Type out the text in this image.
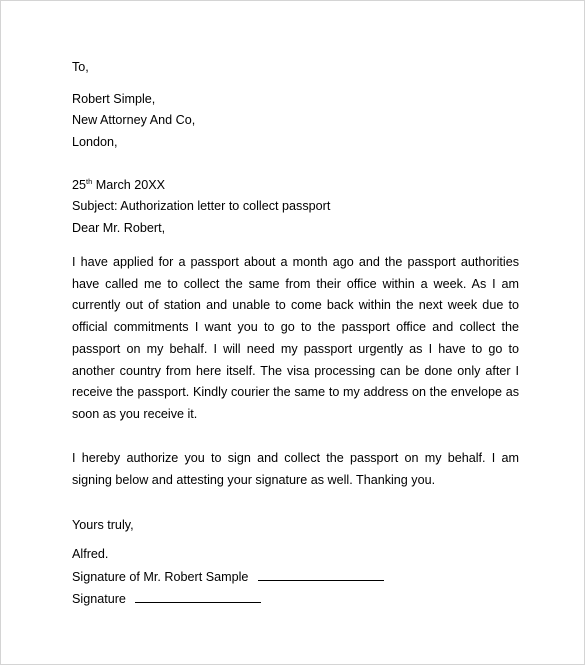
To,
Robert Simple,
New Attorney And Co,
London,
25th March 20XX
Subject: Authorization letter to collect passport
Dear Mr. Robert,
I have applied for a passport about a month ago and the passport authorities
have called me to collect the same from their office within a week. As I am
currently out of station and unable to come back within the next week due to
official commitments I want you to go to the passport office and collect the
passport on my behalf. I will need my passport urgently as I have to go to
another country from here itself. The visa processing can be done only after I
receive the passport. Kindly courier the same to my address on the envelope as
soon as you receive it.
I hereby authorize you to sign and collect the passport on my behalf. I am
signing below and attesting your signature as well. Thanking you.
Yours truly,
Alfred.
Signature of Mr. Robert Sample
Signature
